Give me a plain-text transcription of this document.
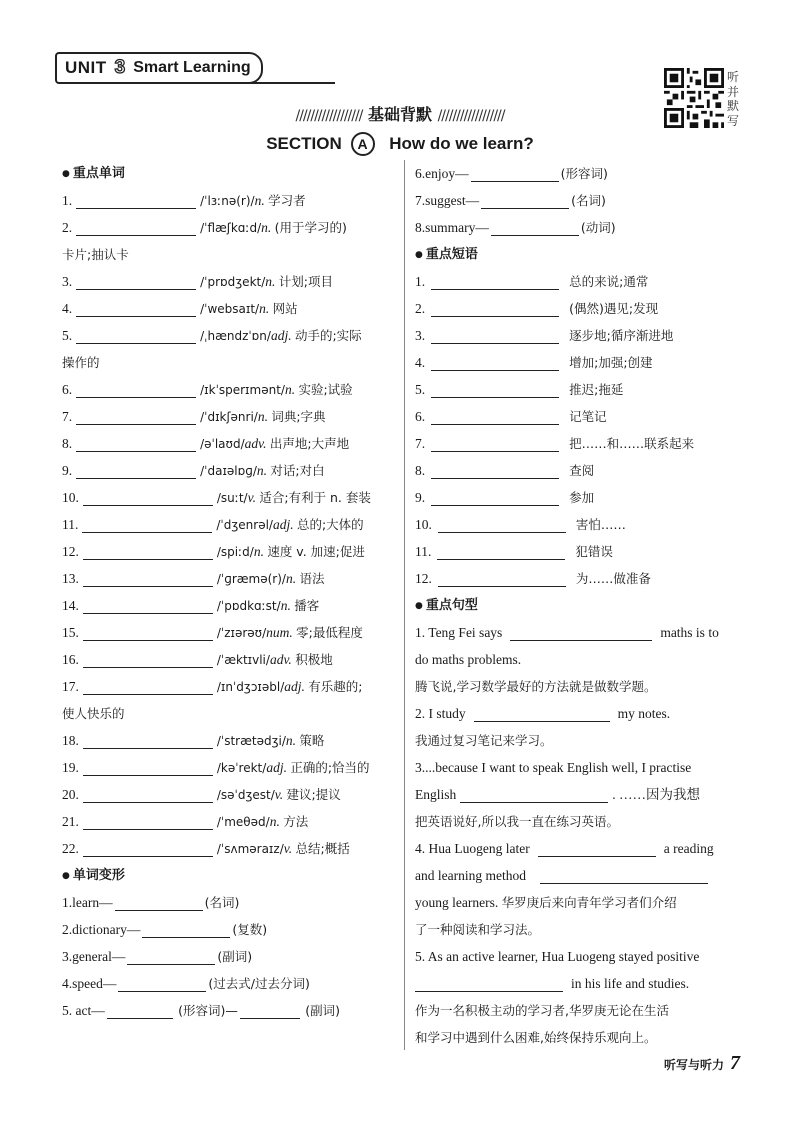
UNIT 3 Smart Learning
听并默写
////////////////// 基础背默 //////////////////
SECTION A How do we learn?
● 重点单词
1.	/ˈlɜːnə(r)/n. 学习者
2.	/ˈflæʃkɑːd/n. (用于学习的)
卡片;抽认卡
3.	/ˈprɒdʒekt/n. 计划;项目
4.	/ˈwebsaɪt/n. 网站
5.	/ˌhændzˈɒn/adj. 动手的;实际
操作的
6.	/ɪkˈsperɪmənt/n. 实验;试验
7.	/ˈdɪkʃənri/n. 词典;字典
8.	/əˈlaʊd/adv. 出声地;大声地
9.	/ˈdaɪəlɒɡ/n. 对话;对白
10.	/suːt/v. 适合;有利于 n. 套装
11.	/ˈdʒenrəl/adj. 总的;大体的
12.	/spiːd/n. 速度 v. 加速;促进
13.	/ˈɡræmə(r)/n. 语法
14.	/ˈpɒdkɑːst/n. 播客
15.	/ˈzɪərəʊ/num. 零;最低程度
16.	/ˈæktɪvli/adv. 积极地
17.	/ɪnˈdʒɔɪəbl/adj. 有乐趣的;
使人快乐的
18.	/ˈstrætədʒi/n. 策略
19.	/kəˈrekt/adj. 正确的;恰当的
20.	/səˈdʒest/v. 建议;提议
21.	/ˈmeθəd/n. 方法
22.	/ˈsʌməraɪz/v. 总结;概括
● 单词变形
1.learn—	(名词)
2.dictionary—	(复数)
3.general—	(副词)
4.speed—	(过去式/过去分词)
5. act—	(形容词)—	(副词)
6.enjoy—	(形容词)
7.suggest—	(名词)
8.summary—	(动词)
● 重点短语
1.	总的来说;通常
2.	(偶然)遇见;发现
3.	逐步地;循序渐进地
4.	增加;加强;创建
5.	推迟;拖延
6.	记笔记
7.	把……和……联系起来
8.	查阅
9.	参加
10.	害怕……
11.	犯错误
12.	为……做准备
● 重点句型
1. Teng Fei says	maths is to
do maths problems.
腾飞说,学习数学最好的方法就是做数学题。
2. I study	my notes.
我通过复习笔记来学习。
3....because I want to speak English well, I practise
English	. ……因为我想
把英语说好,所以我一直在练习英语。
4. Hua Luogeng later	a reading
and learning method
young learners. 华罗庚后来向青年学习者们介绍
了一种阅读和学习法。
5. As an active learner, Hua Luogeng stayed positive
in his life and studies.
作为一名积极主动的学习者,华罗庚无论在生活
和学习中遇到什么困难,始终保持乐观向上。
听写与听力 7
